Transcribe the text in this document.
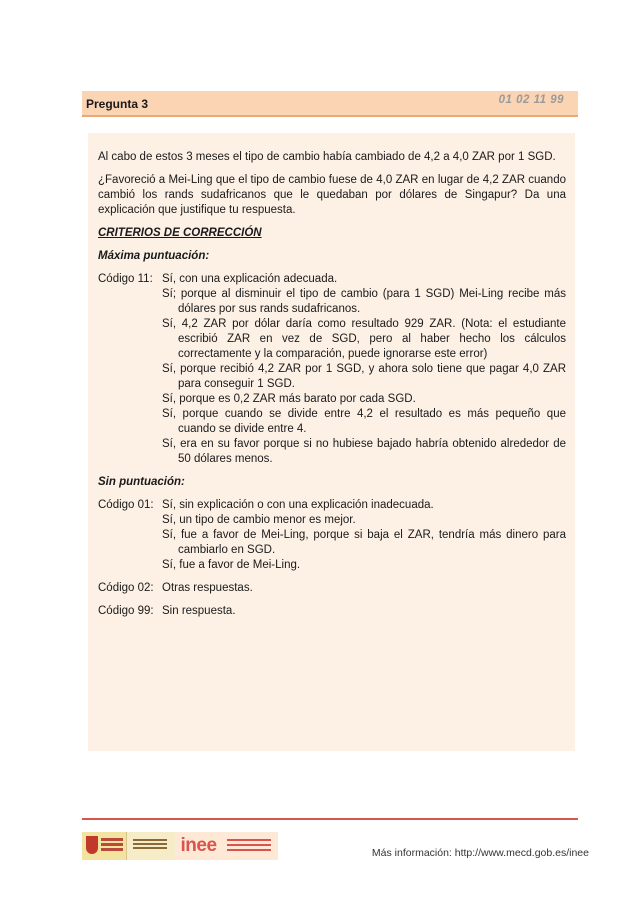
Pregunta 3	01 02 11 99

Al cabo de estos 3 meses el tipo de cambio había cambiado de 4,2 a 4,0 ZAR por 1 SGD.

¿Favoreció a Mei-Ling que el tipo de cambio fuese de 4,0 ZAR en lugar de 4,2 ZAR cuando cambió los rands sudafricanos que le quedaban por dólares de Singapur? Da una explicación que justifique tu respuesta.

CRITERIOS DE CORRECCIÓN

Máxima puntuación:

Código 11: Sí, con una explicación adecuada.
Sí; porque al disminuir el tipo de cambio (para 1 SGD) Mei-Ling recibe más dólares por sus rands sudafricanos.
Sí, 4,2 ZAR por dólar daría como resultado 929 ZAR. (Nota: el estudiante escribió ZAR en vez de SGD, pero al haber hecho los cálculos correctamente y la comparación, puede ignorarse este error)
Sí, porque recibió 4,2 ZAR por 1 SGD, y ahora solo tiene que pagar 4,0 ZAR para conseguir 1 SGD.
Sí, porque es 0,2 ZAR más barato por cada SGD.
Sí, porque cuando se divide entre 4,2 el resultado es más pequeño que cuando se divide entre 4.
Sí, era en su favor porque si no hubiese bajado habría obtenido alrededor de 50 dólares menos.

Sin puntuación:

Código 01: Sí, sin explicación o con una explicación inadecuada.
Sí, un tipo de cambio menor es mejor.
Sí, fue a favor de Mei-Ling, porque si baja el ZAR, tendría más dinero para cambiarlo en SGD.
Sí, fue a favor de Mei-Ling.
Código 02: Otras respuestas.
Código 99: Sin respuesta.
inee	Más información: http://www.mecd.gob.es/inee
